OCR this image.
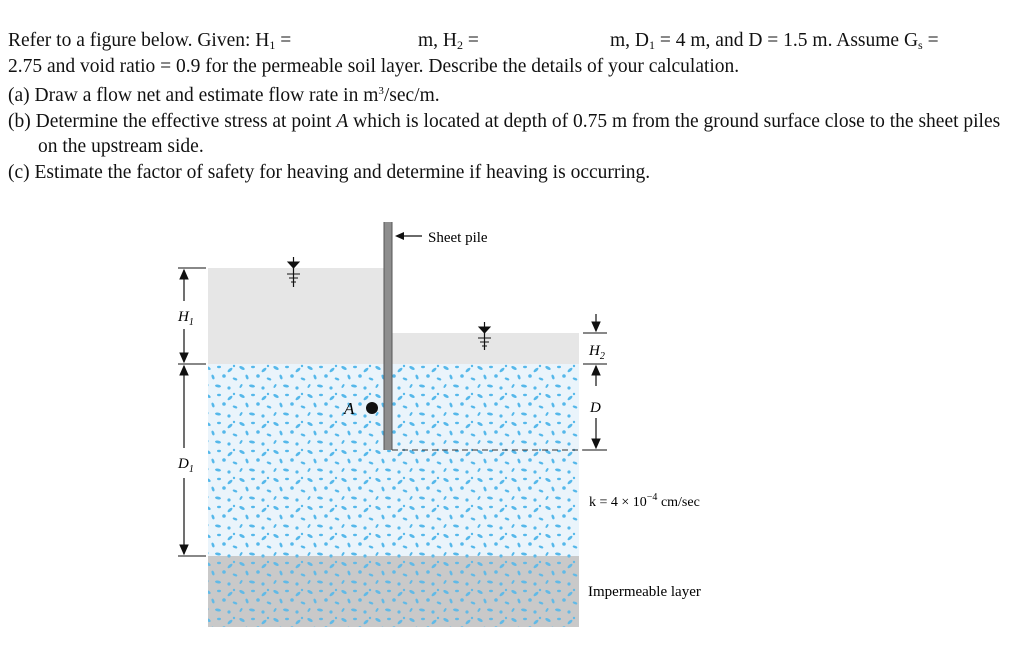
Refer to a figure below. Given: $H_1$ =	m, $H_2$ =	m, $D_1 = 4$ m, and D = 1.5 m. Assume $G_s$ =

2.75 and void ratio = 0.9 for the permeable soil layer. Describe the details of your calculation.

(a) Draw a flow net and estimate flow rate in $m^3/\sec/m$.

(b) Determine the effective stress at point A which is located at depth of 0.75 m from the ground surface close to the sheet piles on the upstream side.

(c) Estimate the factor of safety for heaving and determine if heaving is occurring.

Sheet pile
$H_1$
$D_1$
$H_2$
D
A
$k = 4 \times 10^{-4}$ cm/sec
Impermeable layer
